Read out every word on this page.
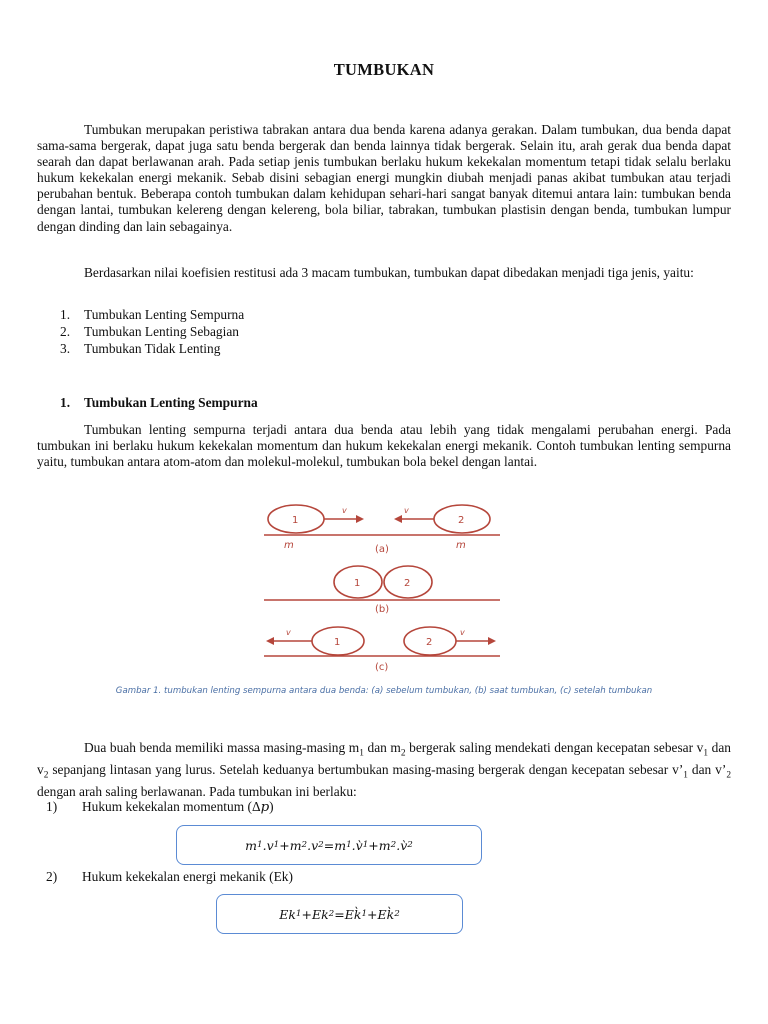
TUMBUKAN

Tumbukan merupakan peristiwa tabrakan antara dua benda karena adanya gerakan. Dalam tumbukan, dua benda dapat sama-sama bergerak, dapat juga satu benda bergerak dan benda lainnya tidak bergerak. Selain itu, arah gerak dua benda dapat searah dan dapat berlawanan arah. Pada setiap jenis tumbukan berlaku hukum kekekalan momentum tetapi tidak selalu berlaku hukum kekekalan energi mekanik. Sebab disini sebagian energi mungkin diubah menjadi panas akibat tumbukan atau terjadi perubahan bentuk. Beberapa contoh tumbukan dalam kehidupan sehari-hari sangat banyak ditemui antara lain: tumbukan benda dengan lantai, tumbukan kelereng dengan kelereng, bola biliar, tabrakan, tumbukan plastisin dengan benda, tumbukan lumpur dengan dinding dan lain sebagainya.

Berdasarkan nilai koefisien restitusi ada 3 macam tumbukan, tumbukan dapat dibedakan menjadi tiga jenis, yaitu:

1. Tumbukan Lenting Sempurna
2. Tumbukan Lenting Sebagian
3. Tumbukan Tidak Lenting
1. Tumbukan Lenting Sempurna

Tumbukan lenting sempurna terjadi antara dua benda atau lebih yang tidak mengalami perubahan energi. Pada tumbukan ini berlaku hukum kekekalan momentum dan hukum kekekalan energi mekanik. Contoh tumbukan lenting sempurna yaitu, tumbukan antara atom-atom dan molekul-molekul, tumbukan bola bekel dengan lantai.

1	2
m	m
v	v
(a)
1	2
(b)
1	2
v	v
(c)
Gambar 1. tumbukan lenting sempurna antara dua benda: (a) sebelum tumbukan, (b) saat tumbukan, (c) setelah tumbukan

Dua buah benda memiliki massa masing-masing $m_1$ dan $m_2$ bergerak saling mendekati dengan kecepatan sebesar $v_1$ dan $v_2$ sepanjang lintasan yang lurus. Setelah keduanya bertumbukan masing-masing bergerak dengan kecepatan sebesar $v’_1$ dan $v’_2$ dengan arah saling berlawanan. Pada tumbukan ini berlaku:

1) Hukum kekekalan momentum (Δp)
m 1 . v 1 + m 2 . v 2 = m 1 . v̀ 1 + m 2 . v̀ 2
2) Hukum kekekalan energi mekanik (Ek)
Ek 1 + Ek 2 = Ek̀ 1 + Ek̀ 2
